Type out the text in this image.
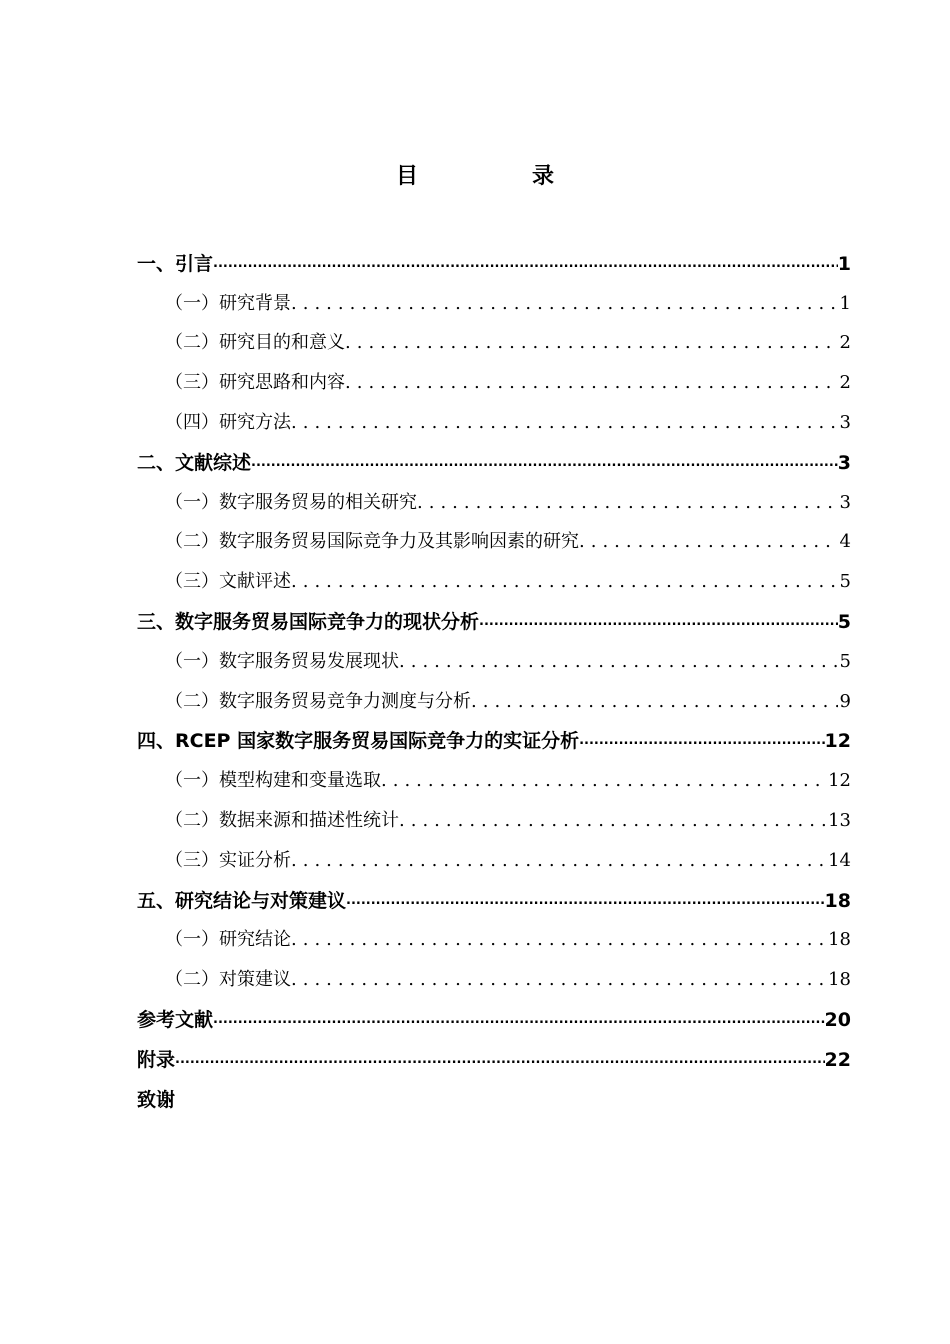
目　录
一、引言 .....	1
（一）研究背景 .....	1
（二）研究目的和意义 .....	2
（三）研究思路和内容 .....	2
（四）研究方法 .....	3
二、文献综述 .....	3
（一）数字服务贸易的相关研究 .....	3
（二）数字服务贸易国际竞争力及其影响因素的研究 .....	4
（三）文献评述 .....	5
三、数字服务贸易国际竞争力的现状分析 .....	5
（一）数字服务贸易发展现状 .....	5
（二）数字服务贸易竞争力测度与分析 .....	9
四、RCEP 国家数字服务贸易国际竞争力的实证分析 .....	12
（一）模型构建和变量选取 .....	12
（二）数据来源和描述性统计 .....	13
（三）实证分析 .....	14
五、研究结论与对策建议 .....	18
（一）研究结论 .....	18
（二）对策建议 .....	18
参考文献 .....	20
附录 .....	22
致谢
